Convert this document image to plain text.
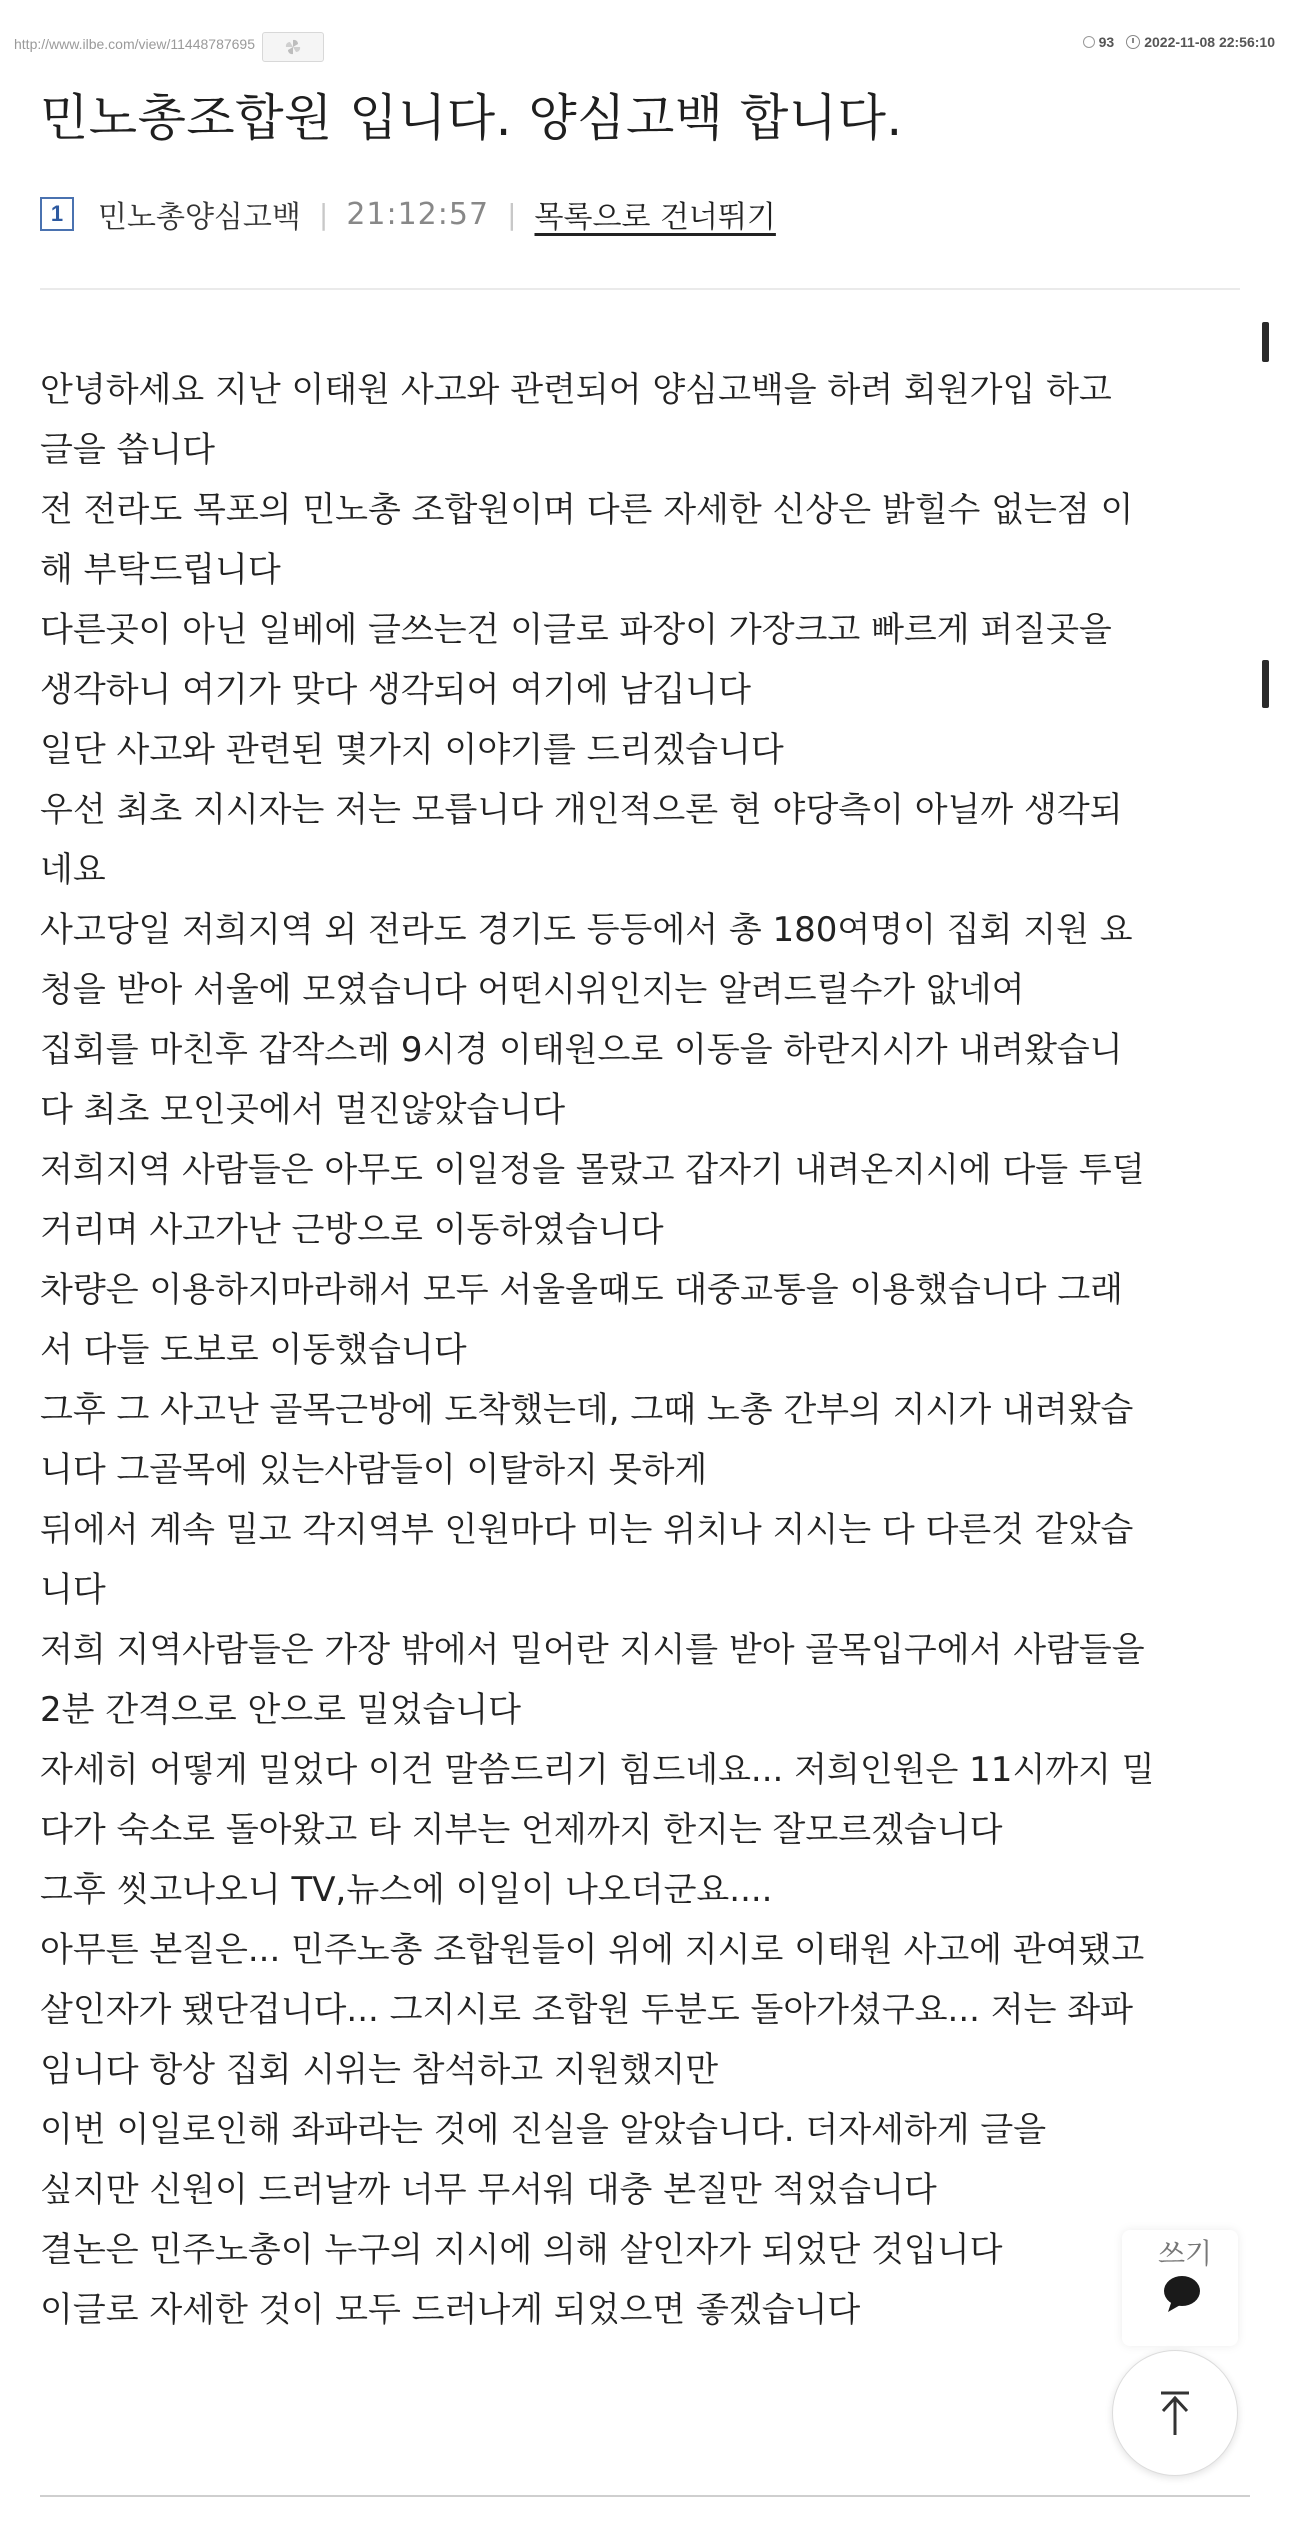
http://www.ilbe.com/view/11448787695	93 2022-11-08 22:56:10
민노총조합원 입니다. 양심고백 합니다.
1	민노총양심고백 | 21:12:57 | 목록으로 건너뛰기
안녕하세요 지난 이태원 사고와 관련되어 양심고백을 하려 회원가입 하고
글을 씁니다
전 전라도 목포의 민노총 조합원이며 다른 자세한 신상은 밝힐수 없는점 이
해 부탁드립니다
다른곳이 아닌 일베에 글쓰는건 이글로 파장이 가장크고 빠르게 퍼질곳을
생각하니 여기가 맞다 생각되어 여기에 남깁니다
일단 사고와 관련된 몇가지 이야기를 드리겠습니다
우선 최초 지시자는 저는 모릅니다 개인적으론 현 야당측이 아닐까 생각되
네요
사고당일 저희지역 외 전라도 경기도 등등에서 총 180여명이 집회 지원 요
청을 받아 서울에 모였습니다 어떤시위인지는 알려드릴수가 앖네여
집회를 마친후 갑작스레 9시경 이태원으로 이동을 하란지시가 내려왔습니
다 최초 모인곳에서 멀진않았습니다
저희지역 사람들은 아무도 이일정을 몰랐고 갑자기 내려온지시에 다들 투덜
거리며 사고가난 근방으로 이동하였습니다
차량은 이용하지마라해서 모두 서울올때도 대중교통을 이용했습니다 그래
서 다들 도보로 이동했습니다
그후 그 사고난 골목근방에 도착했는데, 그때 노총 간부의 지시가 내려왔습
니다 그골목에 있는사람들이 이탈하지 못하게
뒤에서 계속 밀고 각지역부 인원마다 미는 위치나 지시는 다 다른것 같았습
니다
저희 지역사람들은 가장 밖에서 밀어란 지시를 받아 골목입구에서 사람들을
2분 간격으로 안으로 밀었습니다
자세히 어떻게 밀었다 이건 말씀드리기 힘드네요... 저희인원은 11시까지 밀
다가 숙소로 돌아왔고 타 지부는 언제까지 한지는 잘모르겠습니다
그후 씻고나오니 TV,뉴스에 이일이 나오더군요....
아무튼 본질은... 민주노총 조합원들이 위에 지시로 이태원 사고에 관여됐고
살인자가 됐단겁니다... 그지시로 조합원 두분도 돌아가셨구요... 저는 좌파
임니다 항상 집회 시위는 참석하고 지원했지만
이번 이일로인해 좌파라는 것에 진실을 알았습니다. 더자세하게 글을
싶지만 신원이 드러날까 너무 무서워 대충 본질만 적었습니다
결논은 민주노총이 누구의 지시에 의해 살인자가 되었단 것입니다
이글로 자세한 것이 모두 드러나게 되었으면 좋겠습니다
쓰기
